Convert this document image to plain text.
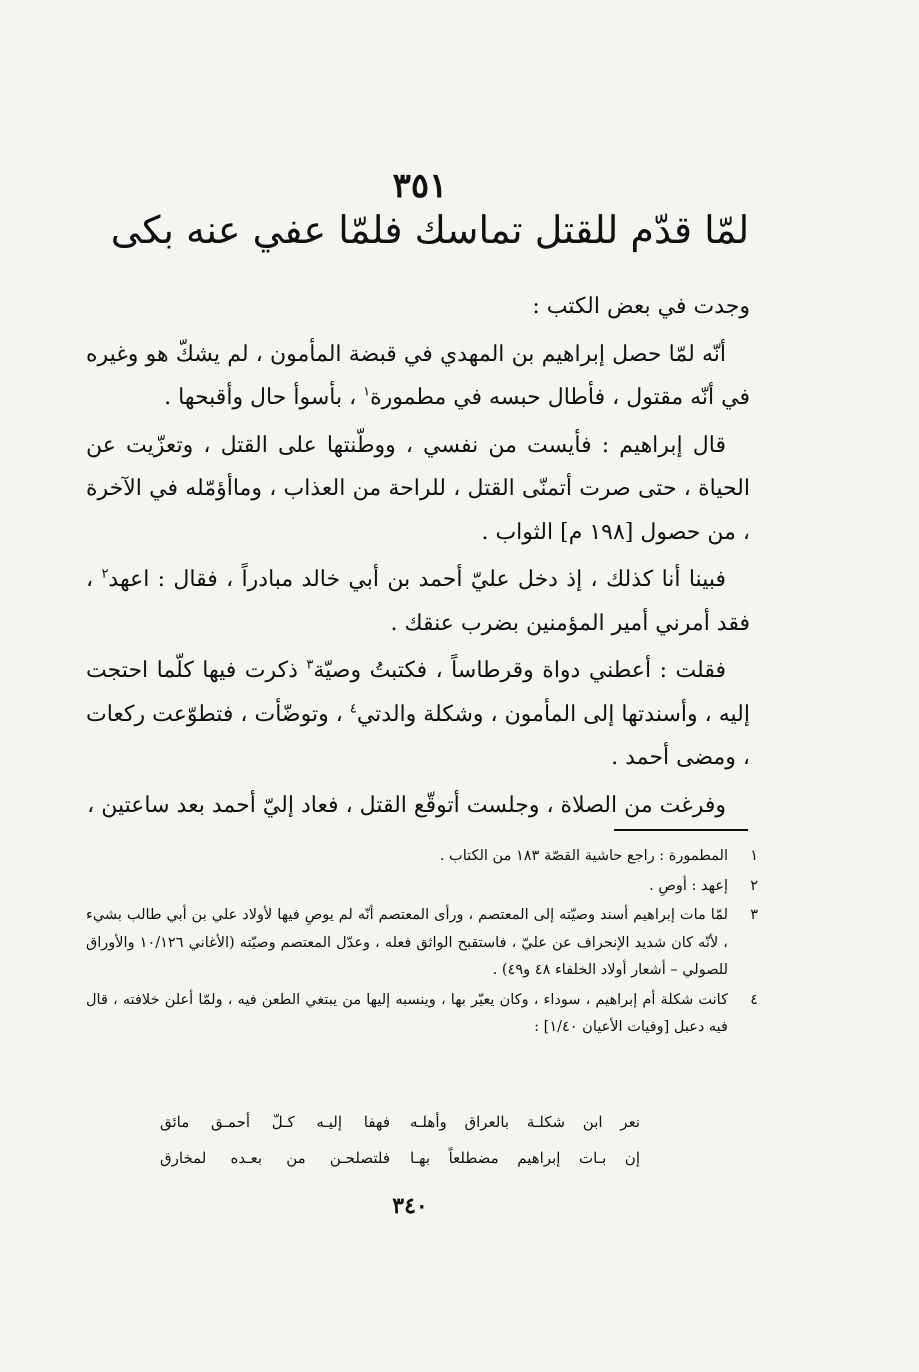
٣٥١
لمّا قدّم للقتل تماسك فلمّا عفي عنه بكى

وجدت في بعض الكتب :

أنّه لمّا حصل إبراهيم بن المهدي في قبضة المأمون ، لم يشكّ هو وغيره في أنّه مقتول ، فأطال حبسه في مطمورة$^١$ ، بأسوأ حال وأقبحها .

قال إبراهيم : فأيست من نفسي ، ووطّنتها على القتل ، وتعزّيت عن الحياة ، حتى صرت أتمنّى القتل ، للراحة من العذاب ، وماأؤمّله في الآخرة ، من حصول [١٩٨ م] الثواب .

فبينا أنا كذلك ، إذ دخل عليّ أحمد بن أبي خالد مبادراً ، فقال : اعهد$^٢$ ، فقد أمرني أمير المؤمنين بضرب عنقك .

فقلت : أعطني دواة وقرطاساً ، فكتبتُ وصيّة$^٣$ ذكرت فيها كلّما احتجت إليه ، وأسندتها إلى المأمون ، وشكلة والدتي$^٤$ ، وتوضّأت ، فتطوّعت ركعات ، ومضى أحمد .

وفرغت من الصلاة ، وجلست أتوقّع القتل ، فعاد إليّ أحمد بعد ساعتين ،

١
المطمورة : راجع حاشية القصّة ١٨٣ من الكتاب .
٢
إعهد : أوصِ .
٣
لمّا مات إبراهيم أسند وصيّته إلى المعتصم ، ورأى المعتصم أنّه لم يوصِ فيها لأولاد علي بن أبي طالب بشيء ، لأنّه كان شديد الإنحراف عن عليّ ، فاستقبح الواثق فعله ، وعدّل المعتصم وصيّته (الأغاني ١٠/١٢٦ والأوراق للصولي – أشعار أولاد الخلفاء ٤٨ و٤٩) .
٤
كانت شكلة أم إبراهيم ، سوداء ، وكان يعيّر بها ، وينسبه إليها من يبتغي الطعن فيه ، ولمّا أعلن خلافته ، قال فيه دعبل [وفيات الأعيان ١/٤٠] :
نعر ابن شكلـة بالعراق وأهلـه
فهفا إليـه كـلّ أحمـق مائق
إن بـات إبراهيم مضطلعاً بهـا
فلتصلحـن من بعـده لمخارق
٣٤٠
